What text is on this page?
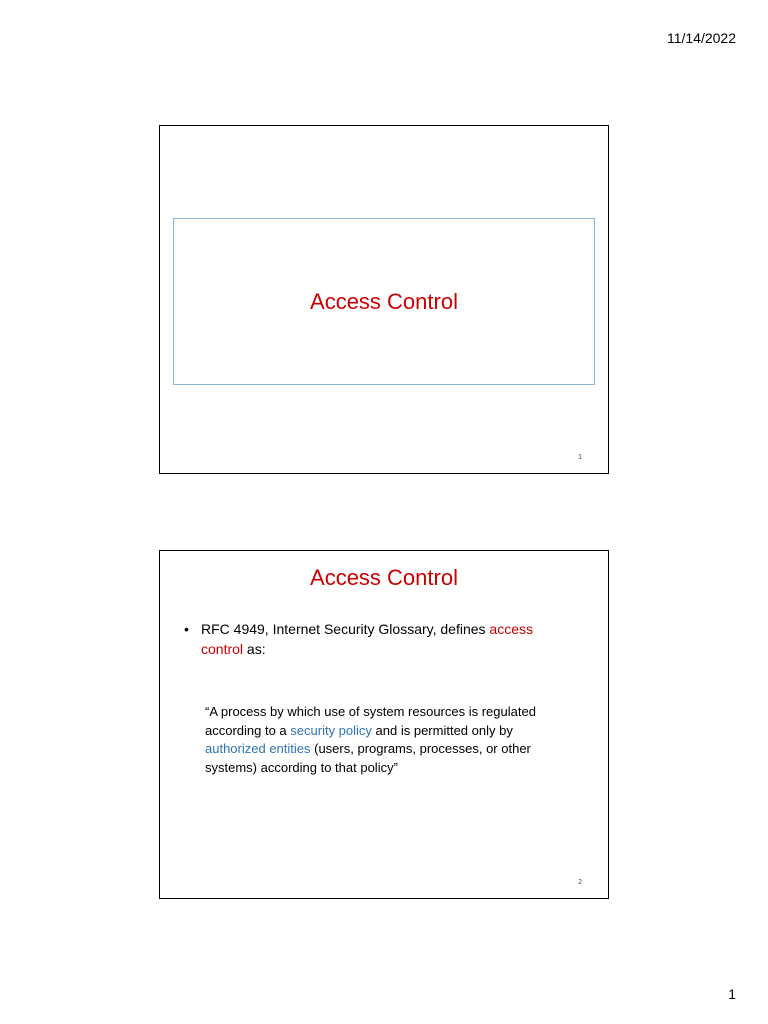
11/14/2022
Access Control
1
Access Control
• RFC 4949, Internet Security Glossary, defines access control as:
“A process by which use of system resources is regulated according to a security policy and is permitted only by authorized entities (users, programs, processes, or other systems) according to that policy”
2
1
